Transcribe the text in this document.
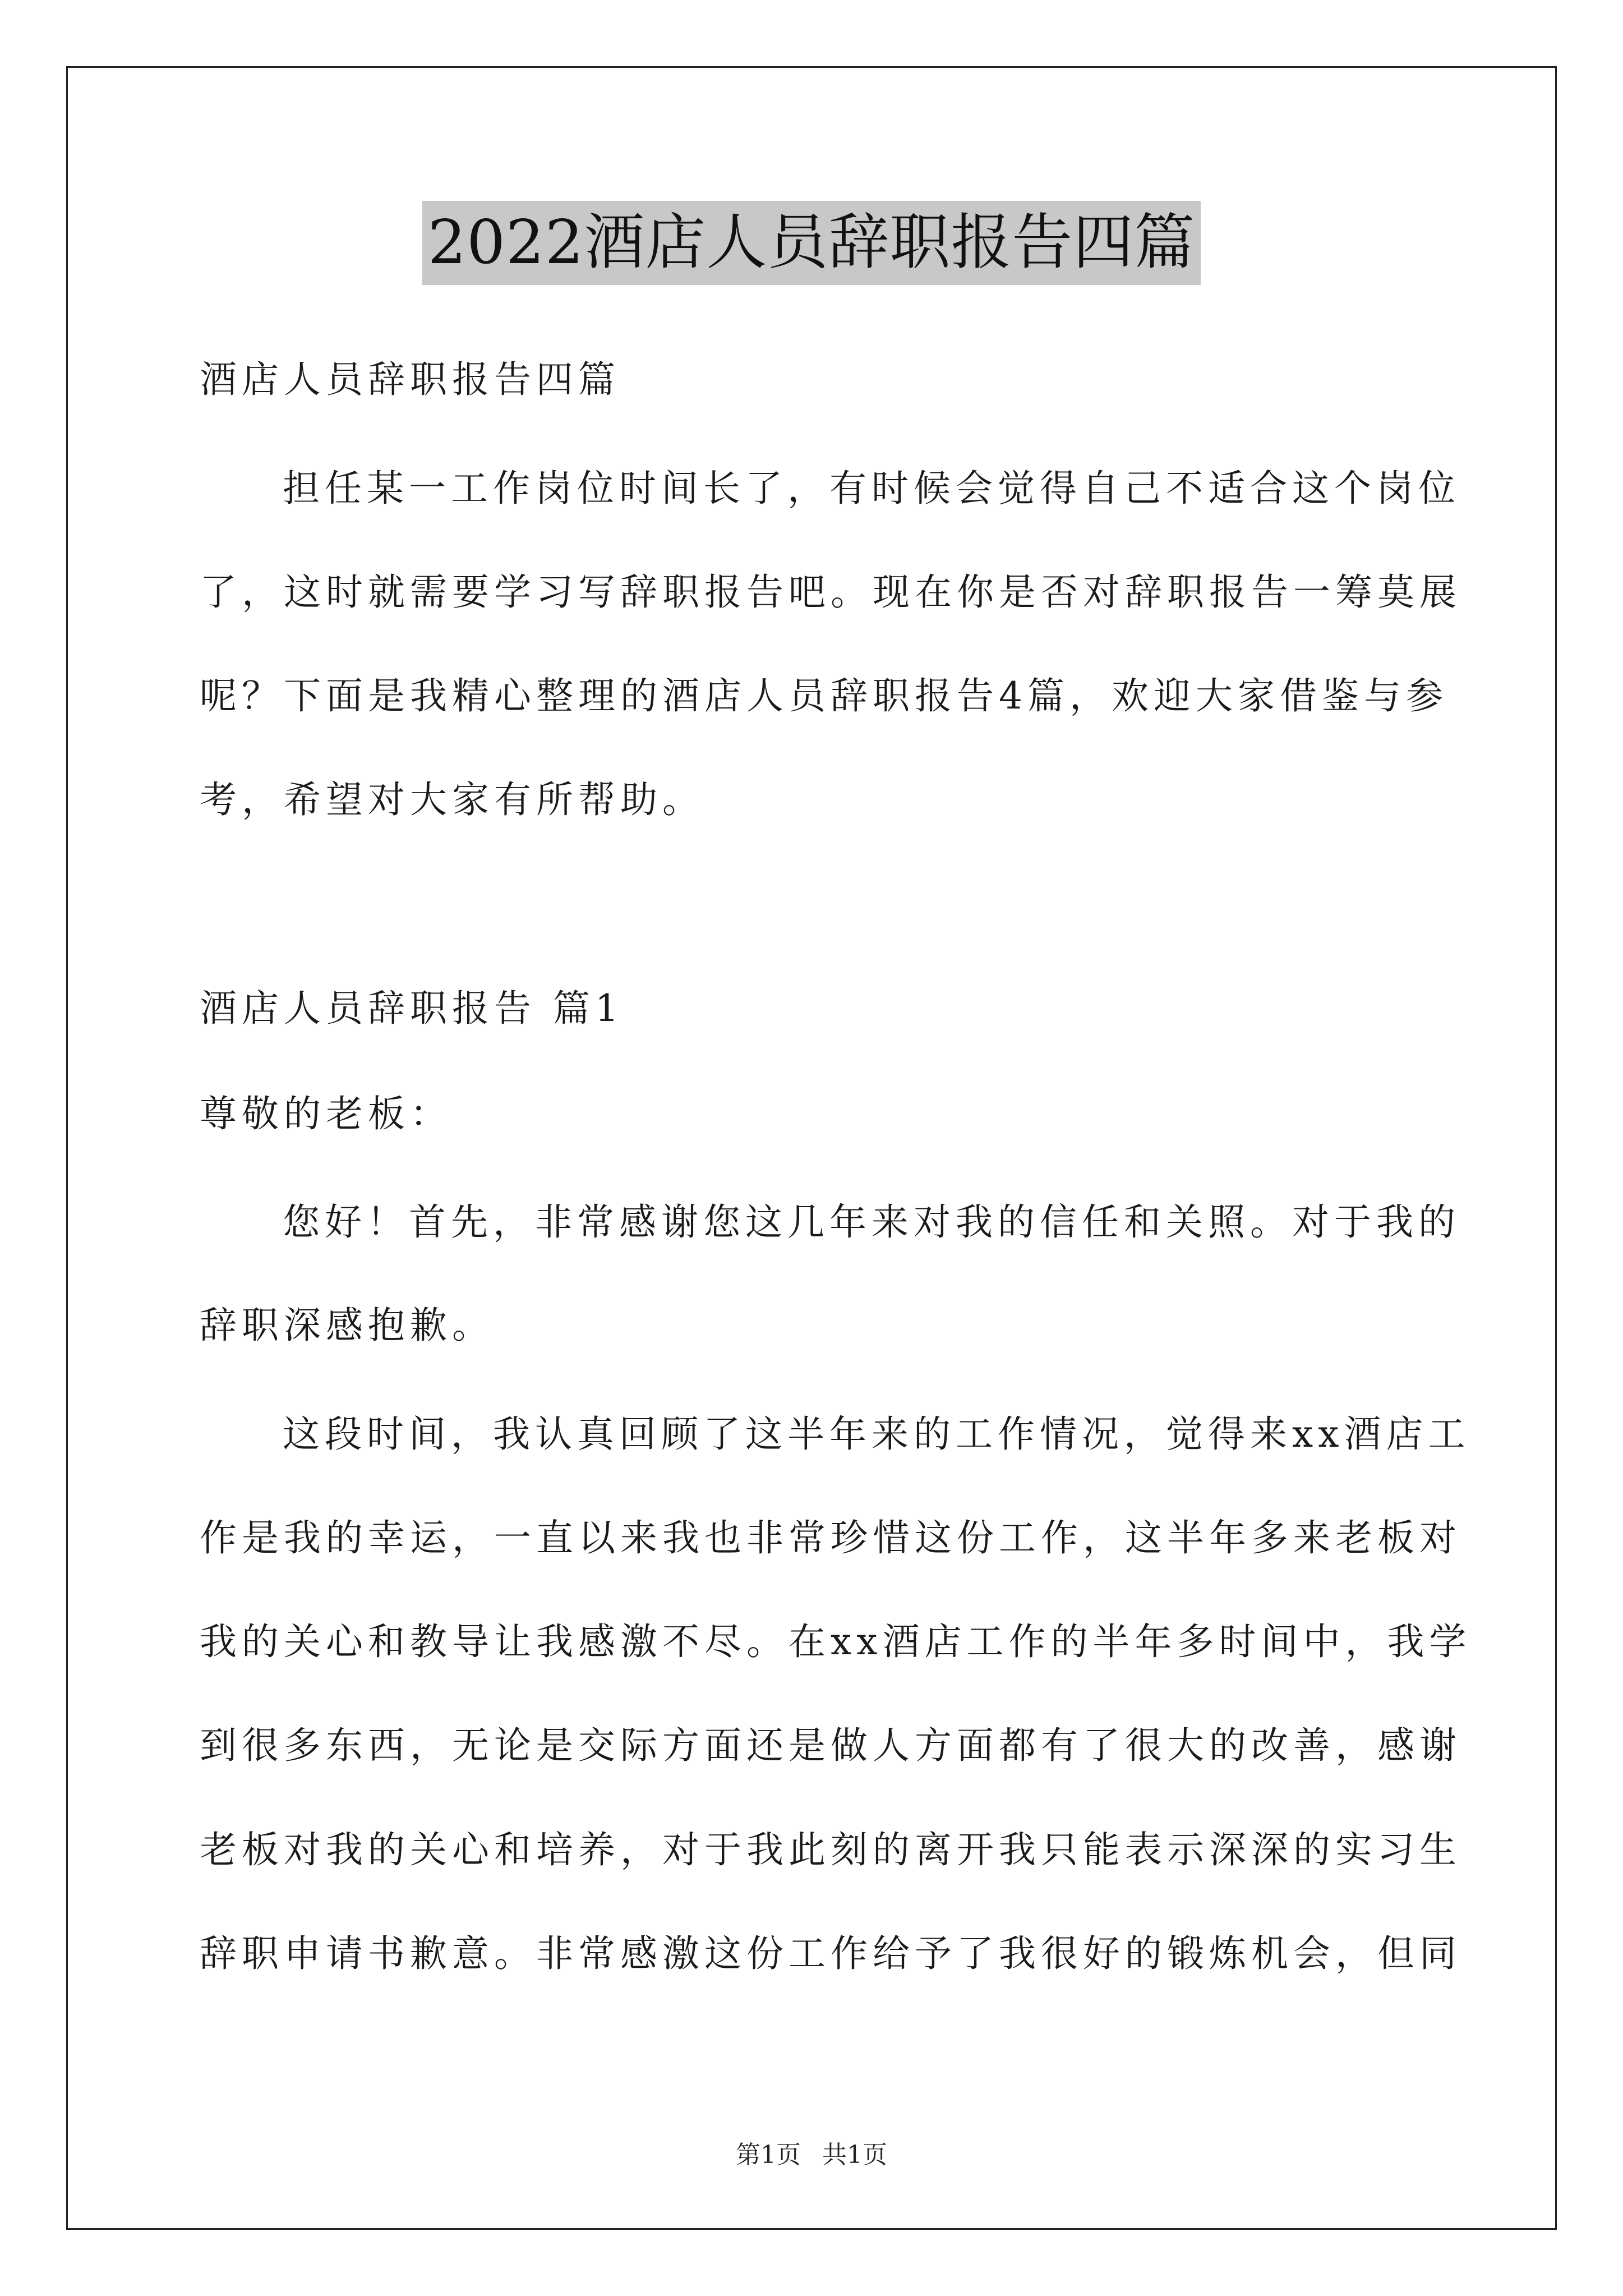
2022酒店人员辞职报告四篇
酒店人员辞职报告四篇
担任某一工作岗位时间长了，有时候会觉得自己不适合这个岗位
了，这时就需要学习写辞职报告吧。现在你是否对辞职报告一筹莫展
呢？下面是我精心整理的酒店人员辞职报告4篇，欢迎大家借鉴与参
考，希望对大家有所帮助。
酒店人员辞职报告 篇1
尊敬的老板：
您好！首先，非常感谢您这几年来对我的信任和关照。对于我的
辞职深感抱歉。
这段时间，我认真回顾了这半年来的工作情况，觉得来xx酒店工
作是我的幸运，一直以来我也非常珍惜这份工作，这半年多来老板对
我的关心和教导让我感激不尽。在xx酒店工作的半年多时间中，我学
到很多东西，无论是交际方面还是做人方面都有了很大的改善，感谢
老板对我的关心和培养，对于我此刻的离开我只能表示深深的实习生
辞职申请书歉意。非常感激这份工作给予了我很好的锻炼机会，但同
第1页 共1页
